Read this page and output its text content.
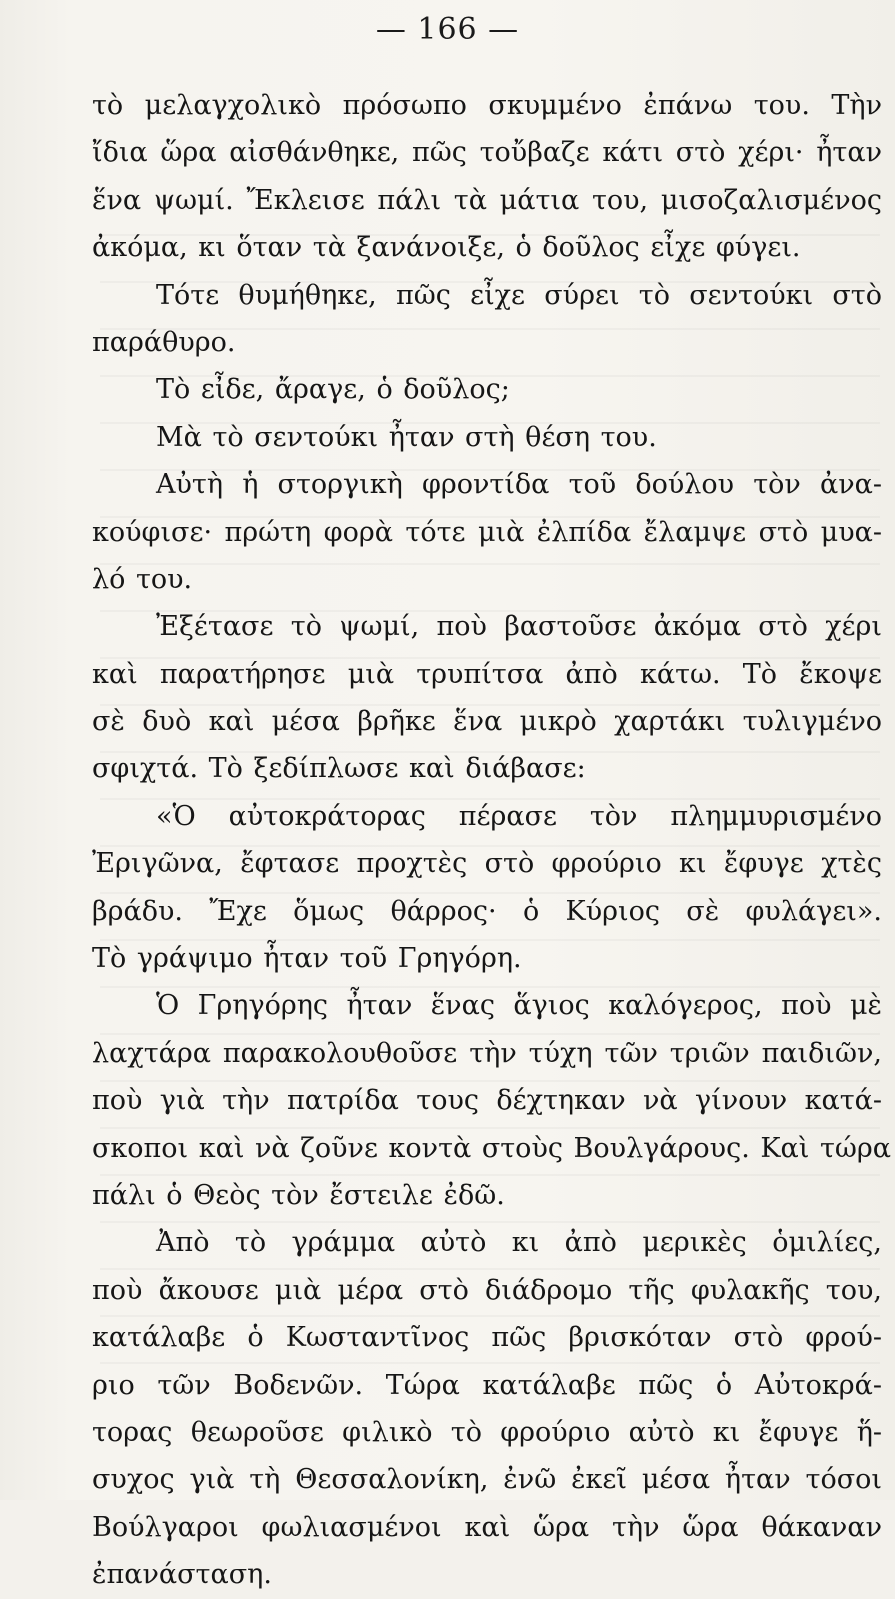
— 166 —
τὸ μελαγχολικὸ πρόσωπο σκυμμένο ἐπάνω του. Τὴν
ἴδια ὥρα αἰσθάνθηκε, πῶς τοὔβαζε κάτι στὸ χέρι· ἦταν
ἕνα ψωμί. Ἔκλεισε πάλι τὰ μάτια του, μισοζαλισμένος
ἀκόμα, κι ὅταν τὰ ξανάνοιξε, ὁ δοῦλος εἶχε φύγει.
Τότε θυμήθηκε, πῶς εἶχε σύρει τὸ σεντούκι στὸ
παράθυρο.
Τὸ εἶδε, ἄραγε, ὁ δοῦλος;
Μὰ τὸ σεντούκι ἦταν στὴ θέση του.
Αὐτὴ ἡ στοργικὴ φροντίδα τοῦ δούλου τὸν ἀνα-
κούφισε· πρώτη φορὰ τότε μιὰ ἐλπίδα ἔλαμψε στὸ μυα-
λό του.
Ἐξέτασε τὸ ψωμί, ποὺ βαστοῦσε ἀκόμα στὸ χέρι
καὶ παρατήρησε μιὰ τρυπίτσα ἀπὸ κάτω. Τὸ ἔκοψε
σὲ δυὸ καὶ μέσα βρῆκε ἕνα μικρὸ χαρτάκι τυλιγμένο
σφιχτά. Τὸ ξεδίπλωσε καὶ διάβασε:
«Ὁ αὐτοκράτορας πέρασε τὸν πλημμυρισμένο
Ἐριγῶνα, ἔφτασε προχτὲς στὸ φρούριο κι ἔφυγε χτὲς
βράδυ. Ἔχε ὅμως θάρρος· ὁ Κύριος σὲ φυλάγει».
Τὸ γράψιμο ἦταν τοῦ Γρηγόρη.
Ὁ Γρηγόρης ἦταν ἕνας ἅγιος καλόγερος, ποὺ μὲ
λαχτάρα παρακολουθοῦσε τὴν τύχη τῶν τριῶν παιδιῶν,
ποὺ γιὰ τὴν πατρίδα τους δέχτηκαν νὰ γίνουν κατά-
σκοποι καὶ νὰ ζοῦνε κοντὰ στοὺς Βουλγάρους. Καὶ τώρα
πάλι ὁ Θεὸς τὸν ἔστειλε ἐδῶ.
Ἀπὸ τὸ γράμμα αὐτὸ κι ἀπὸ μερικὲς ὁμιλίες,
ποὺ ἄκουσε μιὰ μέρα στὸ διάδρομο τῆς φυλακῆς του,
κατάλαβε ὁ Κωσταντῖνος πῶς βρισκόταν στὸ φρού-
ριο τῶν Βοδενῶν. Τώρα κατάλαβε πῶς ὁ Αὐτοκρά-
τορας θεωροῦσε φιλικὸ τὸ φρούριο αὐτὸ κι ἔφυγε ἥ-
συχος γιὰ τὴ Θεσσαλονίκη, ἐνῶ ἐκεῖ μέσα ἦταν τόσοι
Βούλγαροι φωλιασμένοι καὶ ὥρα τὴν ὥρα θάκαναν
ἐπανάσταση.
